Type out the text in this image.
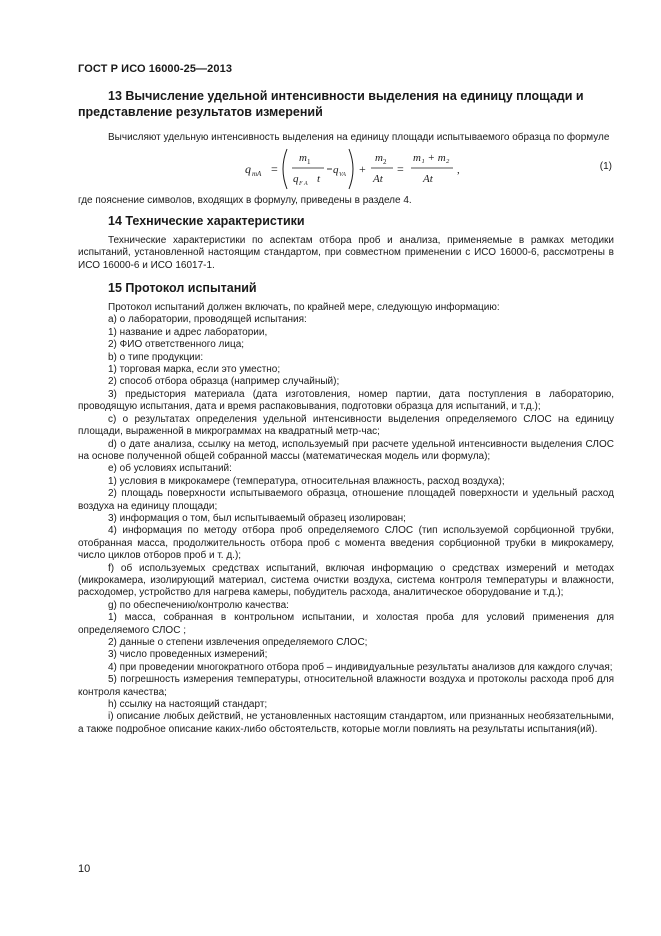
ГОСТ Р ИСО 16000-25—2013
13 Вычисление удельной интенсивности выделения на единицу площади и представление результатов измерений

Вычисляют удельную интенсивность выделения на единицу площади испытываемого образца по формуле

q mA =
m 1
q F A t
q VA +
m 2
At
=
m₁ + m₂
At
,	(1)

где пояснение символов, входящих в формулу, приведены в разделе 4.

14 Технические характеристики

Технические характеристики по аспектам отбора проб и анализа, применяемые в рамках методики испытаний, установленной настоящим стандартом, при совместном применении с ИСО 16000-6, рассмотрены в ИСО 16000-6 и ИСО 16017-1.

15 Протокол испытаний

Протокол испытаний должен включать, по крайней мере, следующую информацию:

а) о лаборатории, проводящей испытания:

1) название и адрес лаборатории,

2) ФИО ответственного лица;

b) о типе продукции:

1) торговая марка, если это уместно;

2) способ отбора образца (например случайный);

3) предыстория материала (дата изготовления, номер партии, дата поступления в лабораторию, проводящую испытания, дата и время распаковывания, подготовки образца для испытаний, и т.д.);

c) о результатах определения удельной интенсивности выделения определяемого СЛОС на единицу площади, выраженной в микрограммах на квадратный метр-час;

d) о дате анализа, ссылку на метод, используемый при расчете удельной интенсивности выделения СЛОС на основе полученной общей собранной массы (математическая модель или формула);

e) об условиях испытаний:

1) условия в микрокамере (температура, относительная влажность, расход воздуха);

2) площадь поверхности испытываемого образца, отношение площадей поверхности и удельный расход воздуха на единицу площади;

3) информация о том, был испытываемый образец изолирован;

4) информация по методу отбора проб определяемого СЛОС (тип используемой сорбционной трубки, отобранная масса, продолжительность отбора проб с момента введения сорбционной трубки в микрокамеру, число циклов отборов проб и т. д.);

f) об используемых средствах испытаний, включая информацию о средствах измерений и методах (микрокамера, изолирующий материал, система очистки воздуха, система контроля температуры и влажности, расходомер, устройство для нагрева камеры, побудитель расхода, аналитическое оборудование и т.д.);

g) по обеспечению/контролю качества:

1) масса, собранная в контрольном испытании, и холостая проба для условий применения для определяемого СЛОС ;

2) данные о степени извлечения определяемого СЛОС;

3) число проведенных измерений;

4) при проведении многократного отбора проб – индивидуальные результаты анализов для каждого случая;

5) погрешность измерения температуры, относительной влажности воздуха и протоколы расхода проб для контроля качества;

h) ссылку на настоящий стандарт;

i) описание любых действий, не установленных настоящим стандартом, или признанных необязательными, а также подробное описание каких-либо обстоятельств, которые могли повлиять на результаты испытания(ий).

10
